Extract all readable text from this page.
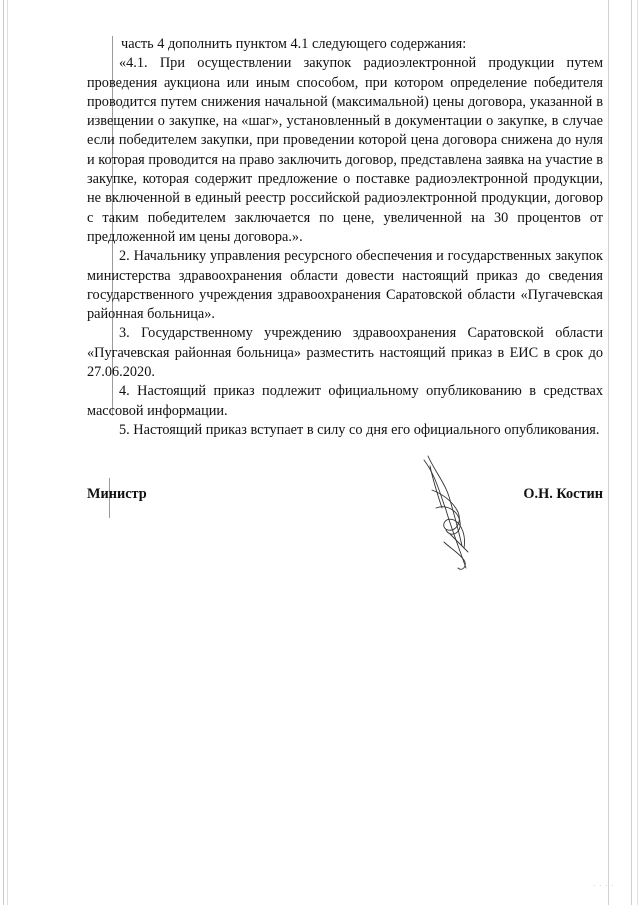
часть 4 дополнить пунктом 4.1 следующего содержания:

«4.1. При осуществлении закупок радиоэлектронной продукции путем проведения аукциона или иным способом, при котором определение победителя проводится путем снижения начальной (максимальной) цены договора, указанной в извещении о закупке, на «шаг», установленный в документации о закупке, в случае если победителем закупки, при проведении которой цена договора снижена до нуля и которая проводится на право заключить договор, представлена заявка на участие в закупке, которая содержит предложение о поставке радиоэлектронной продукции, не включенной в единый реестр российской радиоэлектронной продукции, договор с таким победителем заключается по цене, увеличенной на 30 процентов от предложенной им цены договора.».

2. Начальнику управления ресурсного обеспечения и государственных закупок министерства здравоохранения области довести настоящий приказ до сведения государственного учреждения здравоохранения Саратовской области «Пугачевская районная больница».

3. Государственному учреждению здравоохранения Саратовской области «Пугачевская районная больница» разместить настоящий приказ в ЕИС в срок до 27.06.2020.

4. Настоящий приказ подлежит официальному опубликованию в средствах массовой информации.

5. Настоящий приказ вступает в силу со дня его официального опубликования.

Министр	О.Н. Костин
· · · ·
